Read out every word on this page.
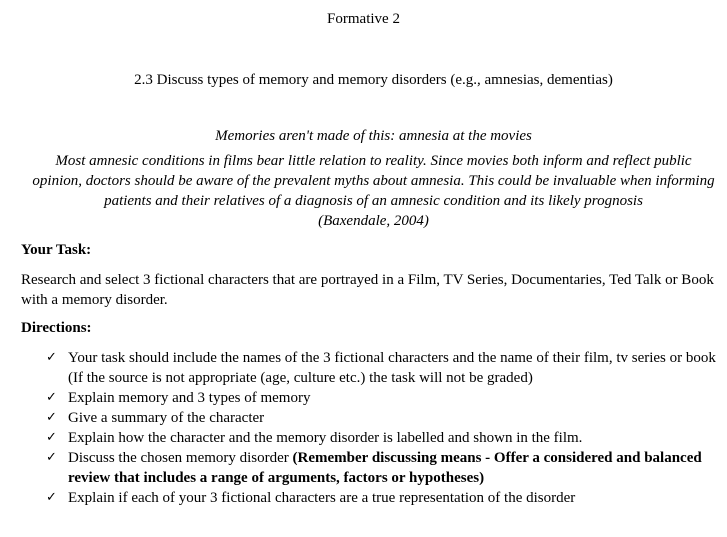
Formative 2
2.3 Discuss types of memory and memory disorders (e.g., amnesias, dementias)

Memories aren't made of this: amnesia at the movies

Most amnesic conditions in films bear little relation to reality. Since movies both inform and reflect public opinion, doctors should be aware of the prevalent myths about amnesia. This could be invaluable when informing patients and their relatives of a diagnosis of an amnesic condition and its likely prognosis
(Baxendale, 2004)

Your Task:
Research and select 3 fictional characters that are portrayed in a Film, TV Series, Documentaries, Ted Talk or Book with a memory disorder.
Directions:
✓ Your task should include the names of the 3 fictional characters and the name of their film, tv series or book (If the source is not appropriate (age, culture etc.) the task will not be graded)
✓ Explain memory and 3 types of memory
✓ Give a summary of the character
✓ Explain how the character and the memory disorder is labelled and shown in the film.
✓ Discuss the chosen memory disorder (Remember discussing means - Offer a considered and balanced review that includes a range of arguments, factors or hypotheses)
✓ Explain if each of your 3 fictional characters are a true representation of the disorder
